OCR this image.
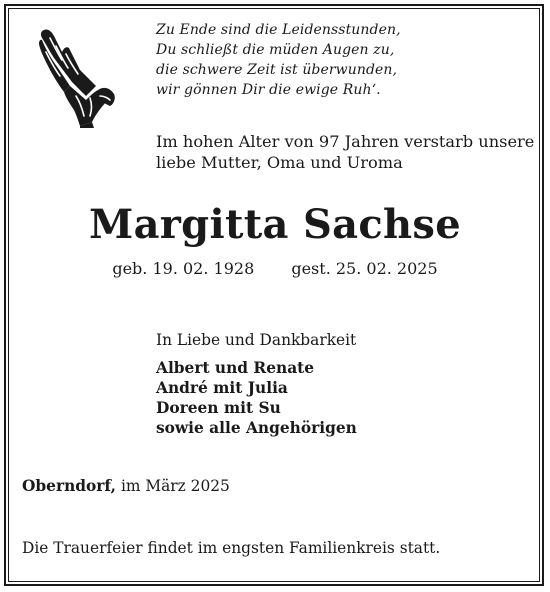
Zu Ende sind die Leidensstunden,
Du schließt die müden Augen zu,
die schwere Zeit ist überwunden,
wir gönnen Dir die ewige Ruh‘.
Im hohen Alter von 97 Jahren verstarb unsere
liebe Mutter, Oma und Uroma
Margitta Sachse
geb. 19. 02. 1928 gest. 25. 02. 2025
In Liebe und Dankbarkeit
Albert und Renate
André mit Julia
Doreen mit Su
sowie alle Angehörigen
Oberndorf, im März 2025
Die Trauerfeier findet im engsten Familienkreis statt.
